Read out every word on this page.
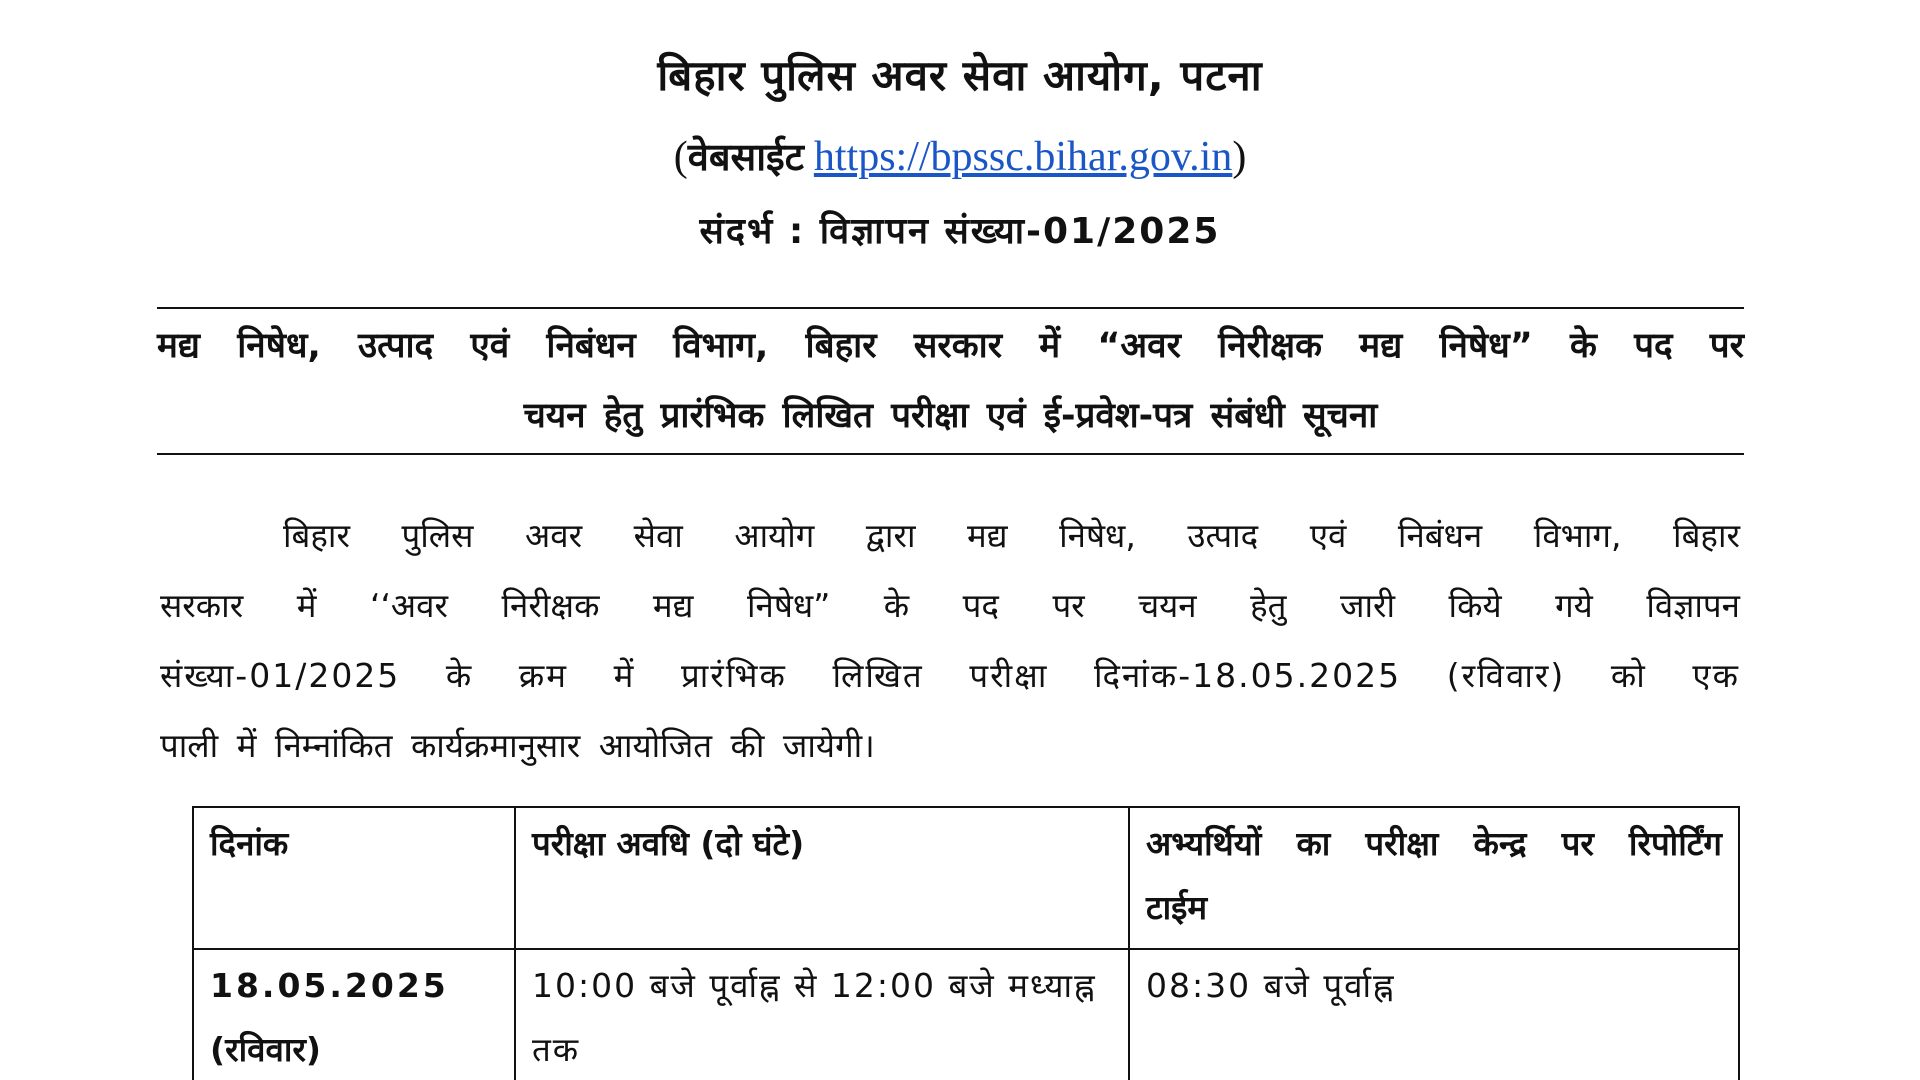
बिहार पुलिस अवर सेवा आयोग, पटना
(वेबसाईट https://bpssc.bihar.gov.in)
संदर्भ : विज्ञापन संख्या-01/2025
मद्य निषेध, उत्पाद एवं निबंधन विभाग, बिहार सरकार में “अवर निरीक्षक मद्य निषेध” के पद पर
चयन हेतु प्रारंभिक लिखित परीक्षा एवं ई-प्रवेश-पत्र संबंधी सूचना
बिहार पुलिस अवर सेवा आयोग द्वारा मद्य निषेध, उत्पाद एवं निबंधन विभाग, बिहार
सरकार में ‘‘अवर निरीक्षक मद्य निषेध” के पद पर चयन हेतु जारी किये गये विज्ञापन
संख्या-01/2025 के क्रम में प्रारंभिक लिखित परीक्षा दिनांक-18.05.2025 (रविवार) को एक
पाली में निम्नांकित कार्यक्रमानुसार आयोजित की जायेगी।
दिनांक	परीक्षा अवधि (दो घंटे)	अभ्यर्थियों का परीक्षा केन्द्र पर रिपोर्टिंग टाईम

18.05.2025
(रविवार)	10:00 बजे पूर्वाह्न से 12:00 बजे मध्याह्न तक	08:30 बजे पूर्वाह्न
